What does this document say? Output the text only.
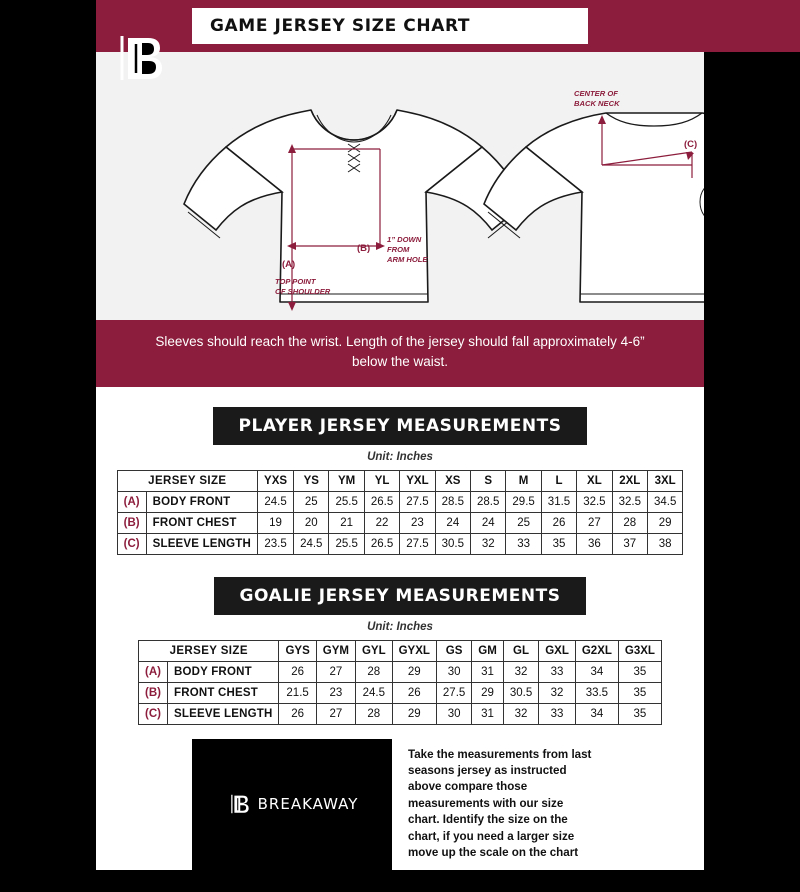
GAME JERSEY SIZE CHART
(A)
(B)
TOP POINT
OF SHOULDER
1” DOWN
FROM
ARM HOLE
CENTER OF
BACK NECK
(C)
Sleeves should reach the wrist. Length of the jersey should fall approximately 4-6” below the waist.
PLAYER JERSEY MEASUREMENTS
Unit: Inches
JERSEY SIZE		YXS	YS	YM	YL	YXL	XS	S	M	L	XL	2XL	3XL
(A)	BODY FRONT	24.5	25	25.5	26.5	27.5	28.5	28.5	29.5	31.5	32.5	32.5	34.5
(B)	FRONT CHEST	19	20	21	22	23	24	24	25	26	27	28	29
(C)	SLEEVE LENGTH	23.5	24.5	25.5	26.5	27.5	30.5	32	33	35	36	37	38
GOALIE JERSEY MEASUREMENTS
Unit: Inches
JERSEY SIZE		GYS	GYM	GYL	GYXL	GS	GM	GL	GXL	G2XL	G3XL
(A)	BODY FRONT	26	27	28	29	30	31	32	33	34	35
(B)	FRONT CHEST	21.5	23	24.5	26	27.5	29	30.5	32	33.5	35
(C)	SLEEVE LENGTH	26	27	28	29	30	31	32	33	34	35
BREAKAWAY
Take the measurements from last seasons jersey as instructed above compare those measurements with our size chart. Identify the size on the chart, if you need a larger size move up the scale on the chart
